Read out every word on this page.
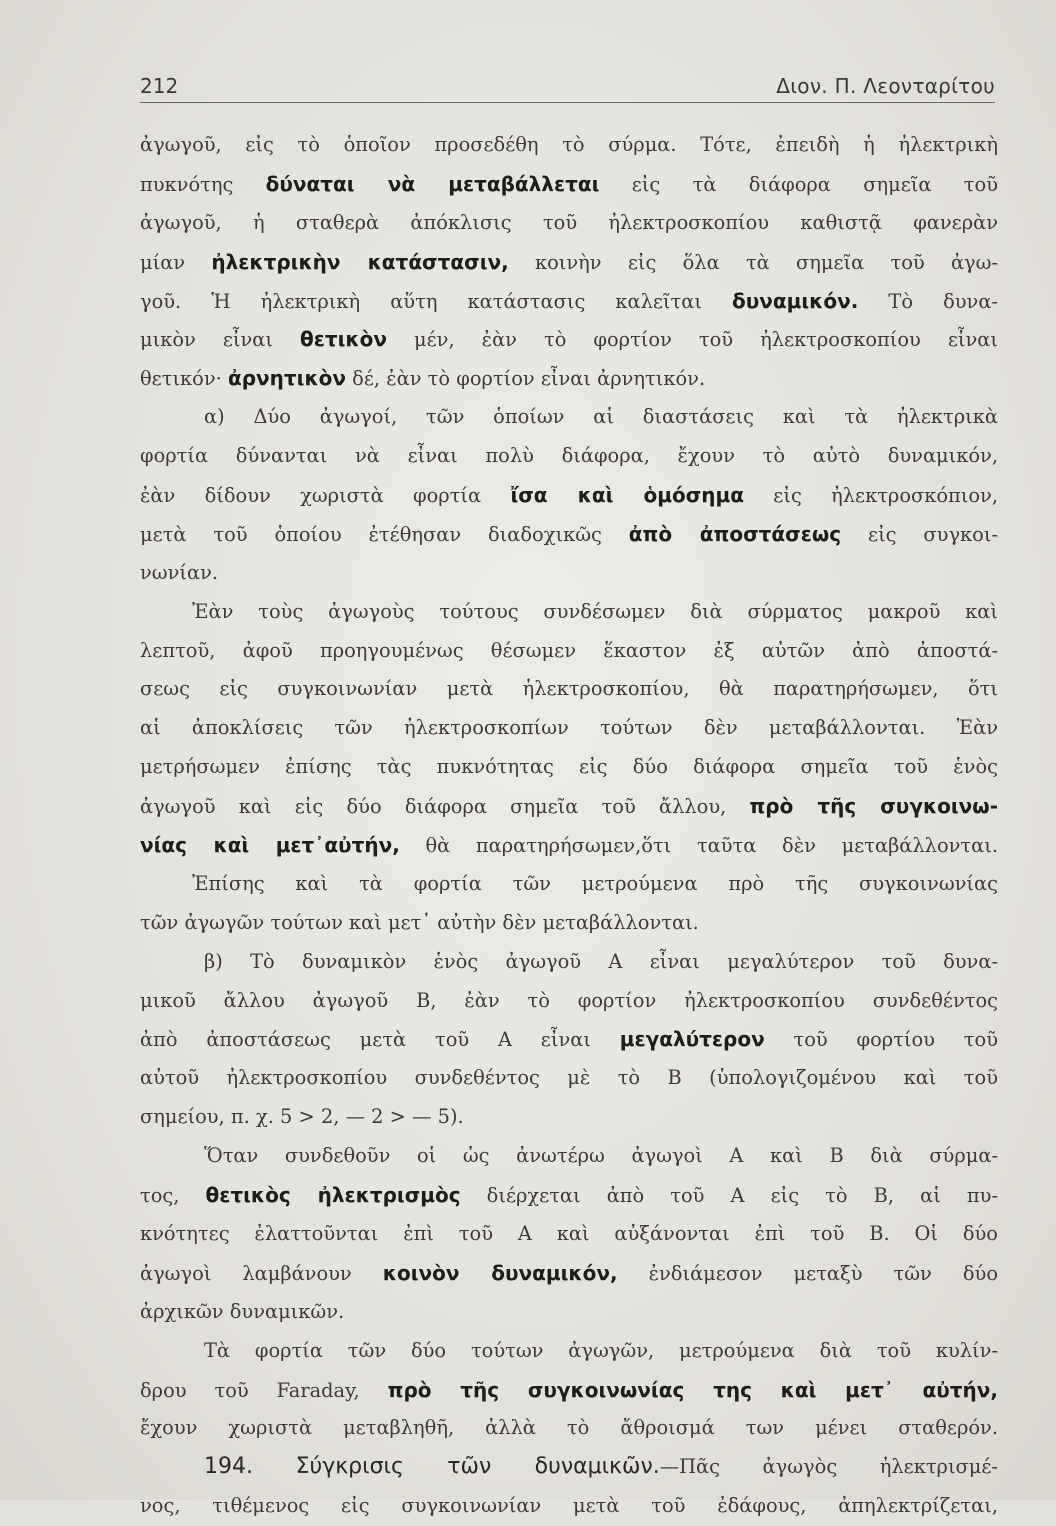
212	Διον. Π. Λεονταρίτου
ἀγωγοῦ, εἰς τὸ ὁποῖον προσεδέθη τὸ σύρμα. Τότε, ἐπειδὴ ἡ ἠλεκτρικὴ
πυκνότης δύναται νὰ μεταβάλλεται εἰς τὰ διάφορα σημεῖα τοῦ
ἀγωγοῦ, ἡ σταθερὰ ἀπόκλισις τοῦ ἠλεκτροσκοπίου καθιστᾷ φανερὰν
μίαν ἠλεκτρικὴν κατάστασιν, κοινὴν εἰς ὅλα τὰ σημεῖα τοῦ ἀγω-
γοῦ. Ἡ ἠλεκτρικὴ αὕτη κατάστασις καλεῖται δυναμικόν. Τὸ δυνα-
μικὸν εἶναι θετικὸν μέν, ἐὰν τὸ φορτίον τοῦ ἠλεκτροσκοπίου εἶναι
θετικόν· ἀρνητικὸν δέ, ἐὰν τὸ φορτίον εἶναι ἀρνητικόν.
α) Δύο ἀγωγοί, τῶν ὁποίων αἱ διαστάσεις καὶ τὰ ἠλεκτρικὰ
φορτία δύνανται νὰ εἶναι πολὺ διάφορα, ἔχουν τὸ αὐτὸ δυναμικόν,
ἐὰν δίδουν χωριστὰ φορτία ἴσα καὶ ὁμόσημα εἰς ἠλεκτροσκόπιον,
μετὰ τοῦ ὁποίου ἐτέθησαν διαδοχικῶς ἀπὸ ἀποστάσεως εἰς συγκοι-
νωνίαν.
Ἐὰν τοὺς ἀγωγοὺς τούτους συνδέσωμεν διὰ σύρματος μακροῦ καὶ
λεπτοῦ, ἀφοῦ προηγουμένως θέσωμεν ἕκαστον ἐξ αὐτῶν ἀπὸ ἀποστά-
σεως εἰς συγκοινωνίαν μετὰ ἠλεκτροσκοπίου, θὰ παρατηρήσωμεν, ὅτι
αἱ ἀποκλίσεις τῶν ἠλεκτροσκοπίων τούτων δὲν μεταβάλλονται. Ἐὰν
μετρήσωμεν ἐπίσης τὰς πυκνότητας εἰς δύο διάφορα σημεῖα τοῦ ἑνὸς
ἀγωγοῦ καὶ εἰς δύο διάφορα σημεῖα τοῦ ἄλλου, πρὸ τῆς συγκοινω-
νίας καὶ μετ᾽αὐτήν, θὰ παρατηρήσωμεν,ὅτι ταῦτα δὲν μεταβάλλονται.
Ἐπίσης καὶ τὰ φορτία τῶν μετρούμενα πρὸ τῆς συγκοινωνίας
τῶν ἀγωγῶν τούτων καὶ μετ᾽ αὐτὴν δὲν μεταβάλλονται.
β) Τὸ δυναμικὸν ἑνὸς ἀγωγοῦ Α εἶναι μεγαλύτερον τοῦ δυνα-
μικοῦ ἄλλου ἀγωγοῦ Β, ἐὰν τὸ φορτίον ἠλεκτροσκοπίου συνδεθέντος
ἀπὸ ἀποστάσεως μετὰ τοῦ Α εἶναι μεγαλύτερον τοῦ φορτίου τοῦ
αὐτοῦ ἠλεκτροσκοπίου συνδεθέντος μὲ τὸ Β (ὑπολογιζομένου καὶ τοῦ
σημείου, π. χ. 5 > 2, — 2 > — 5).
Ὅταν συνδεθοῦν οἱ ὡς ἀνωτέρω ἀγωγοὶ Α καὶ Β διὰ σύρμα-
τος, θετικὸς ἠλεκτρισμὸς διέρχεται ἀπὸ τοῦ Α εἰς τὸ Β, αἱ πυ-
κνότητες ἐλαττοῦνται ἐπὶ τοῦ Α καὶ αὐξάνονται ἐπὶ τοῦ Β. Οἱ δύο
ἀγωγοὶ λαμβάνουν κοινὸν δυναμικόν, ἐνδιάμεσον μεταξὺ τῶν δύο
ἀρχικῶν δυναμικῶν.
Τὰ φορτία τῶν δύο τούτων ἀγωγῶν, μετρούμενα διὰ τοῦ κυλίν-
δρου τοῦ Faraday, πρὸ τῆς συγκοινωνίας της καὶ μετ᾽ αὐτήν,
ἔχουν χωριστὰ μεταβληθῆ, ἀλλὰ τὸ ἄθροισμά των μένει σταθερόν.
194. Σύγκρισις τῶν δυναμικῶν.—Πᾶς ἀγωγὸς ἠλεκτρισμέ-
νος, τιθέμενος εἰς συγκοινωνίαν μετὰ τοῦ ἐδάφους, ἀπηλεκτρίζεται,
